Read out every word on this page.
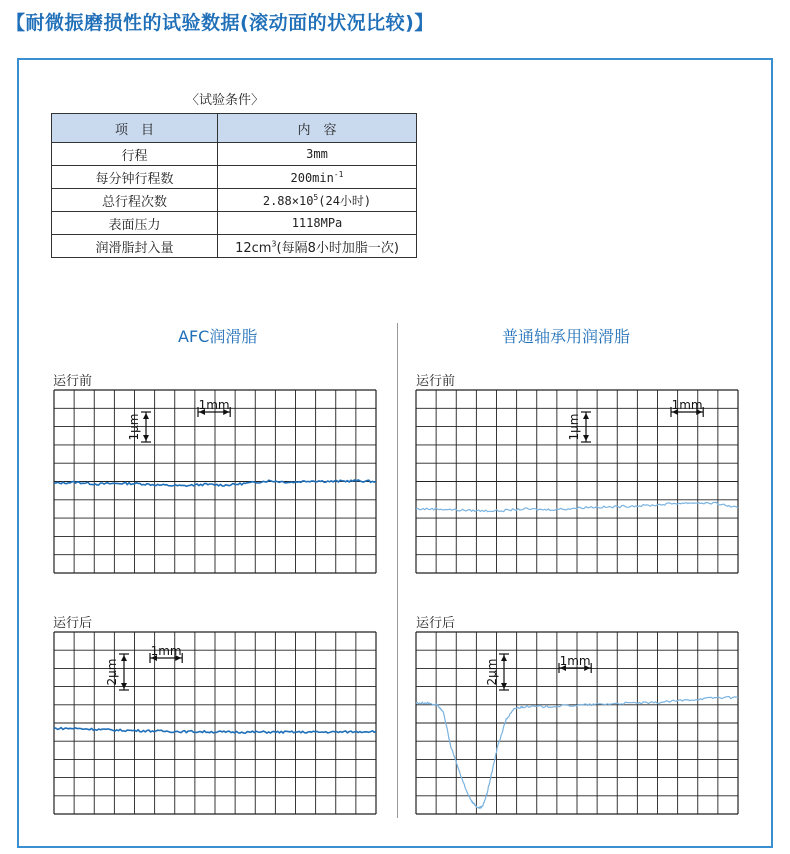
【耐微振磨损性的试验数据(滚动面的状况比较)】
〈试验条件〉
项　目	内　容
行程	3mm
每分钟行程数	$200\min^{-1}$
总行程次数	$2.88\times 10^5(24$小时)
表面压力	1118MPa
润滑脂封入量	$12cm^3$(每隔8小时加脂一次)
AFC润滑脂	普通轴承用润滑脂
运行前	运行前
运行后	运行后
1mm
1μm
1mm
2μm
1mm
1μm
1mm
2μm
